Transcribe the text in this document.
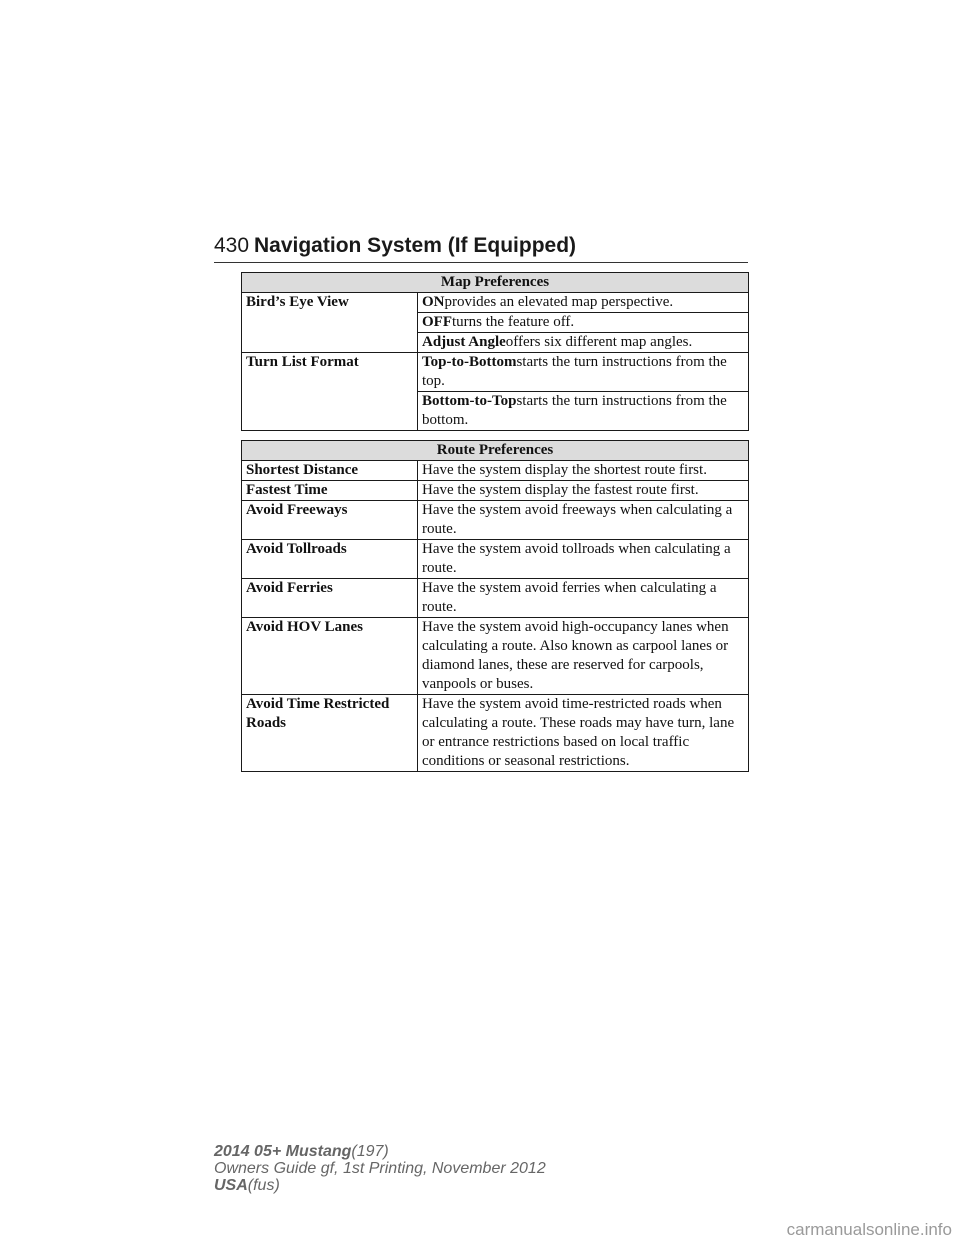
430 Navigation System (If Equipped)
Map Preferences	
Bird’s Eye View	ONprovides an elevated map perspective.
	OFFturns the feature off.
	Adjust Angleoffers six different map angles.
Turn List Format	Top-to-Bottomstarts the turn instructions from the top.
	Bottom-to-Topstarts the turn instructions from the bottom.
Route Preferences	
Shortest Distance	Have the system display the shortest route first.
Fastest Time	Have the system display the fastest route first.
Avoid Freeways	Have the system avoid freeways when calculating a route.
Avoid Tollroads	Have the system avoid tollroads when calculating a route.
Avoid Ferries	Have the system avoid ferries when calculating a route.
Avoid HOV Lanes	Have the system avoid high-occupancy lanes when calculating a route. Also known as carpool lanes or diamond lanes, these are reserved for carpools, vanpools or buses.
Avoid Time Restricted Roads	Have the system avoid time-restricted roads when calculating a route. These roads may have turn, lane or entrance restrictions based on local traffic conditions or seasonal restrictions.
2014 05+ Mustang(197)
Owners Guide gf, 1st Printing, November 2012
USA(fus)
carmanualsonline.info
